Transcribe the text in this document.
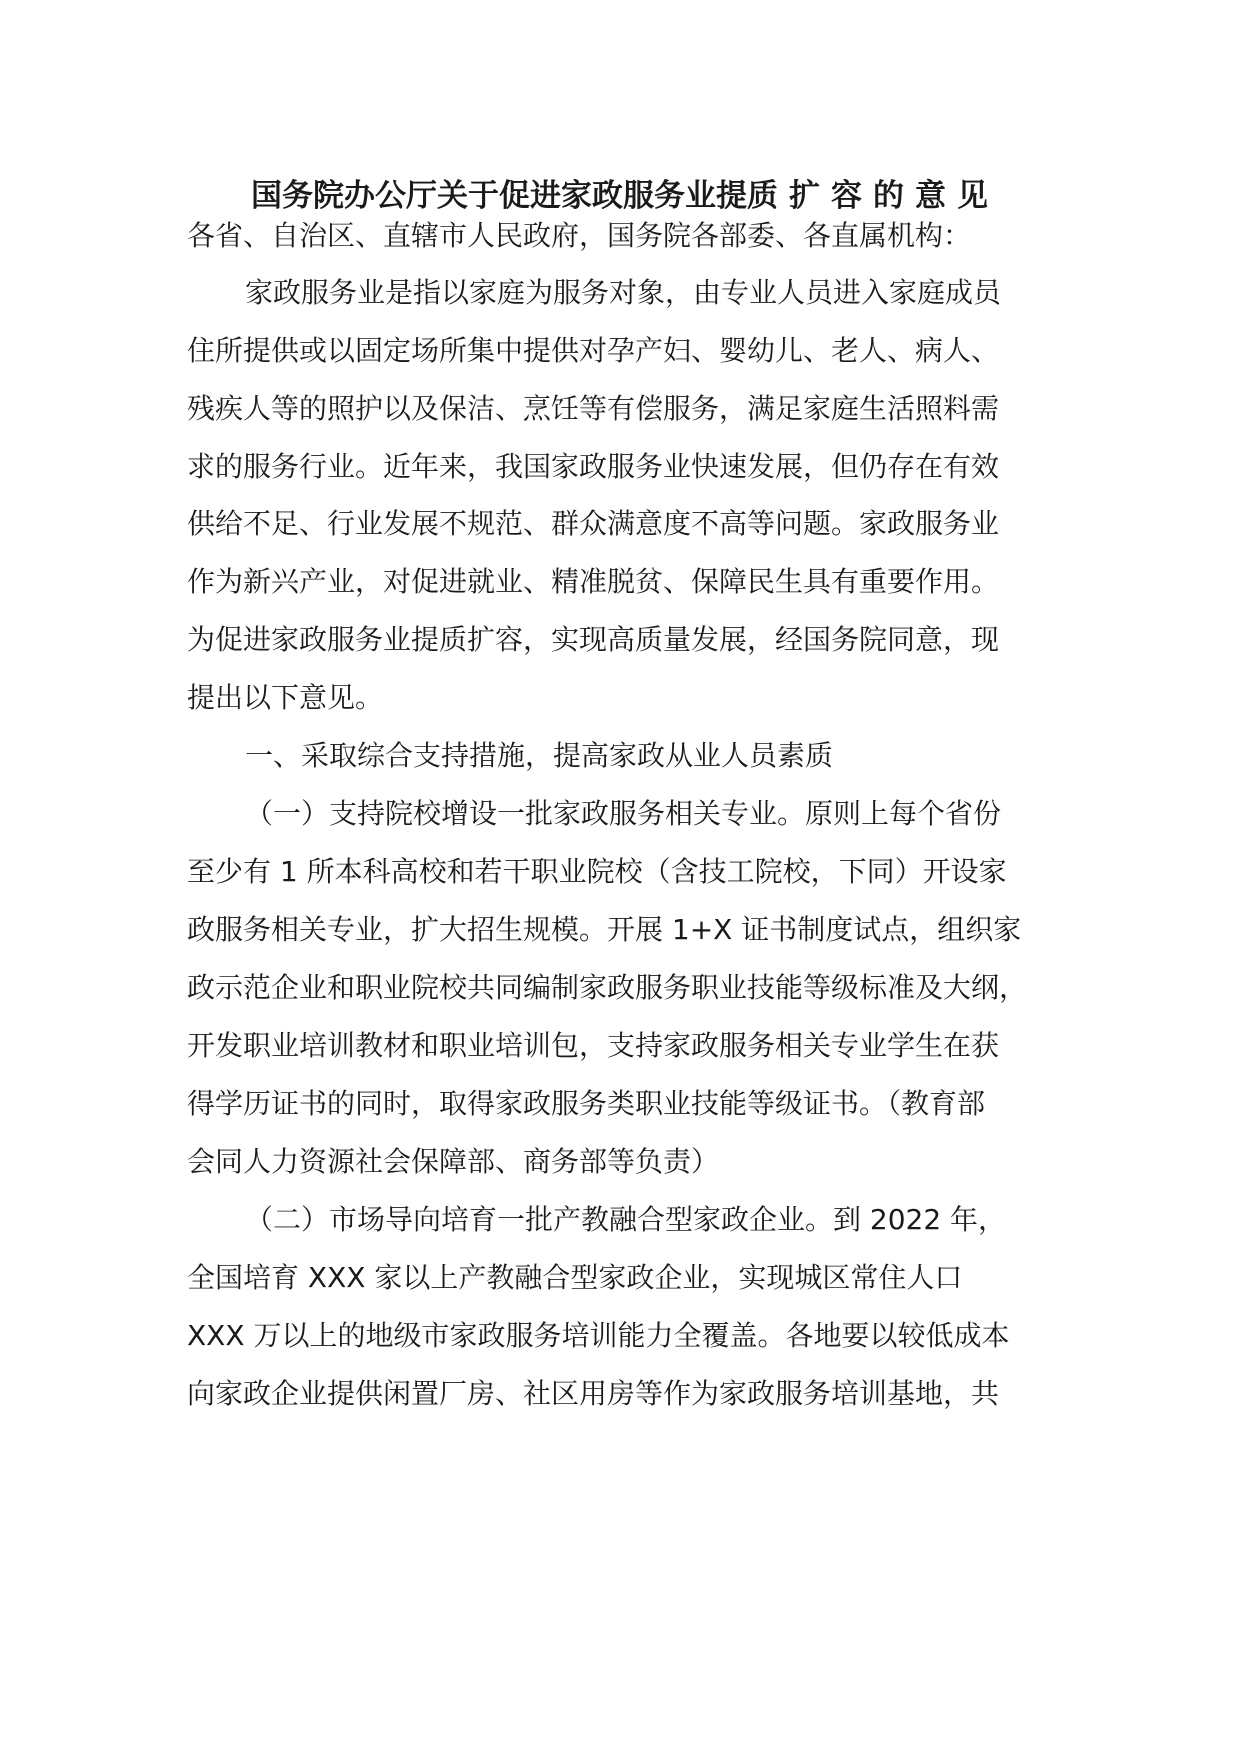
国务院办公厅关于促进家政服务业提质扩容的意见

各省、自治区、直辖市人民政府，国务院各部委、各直属机构：

家政服务业是指以家庭为服务对象，由专业人员进入家庭成员

住所提供或以固定场所集中提供对孕产妇、婴幼儿、老人、病人、

残疾人等的照护以及保洁、烹饪等有偿服务，满足家庭生活照料需

求的服务行业。近年来，我国家政服务业快速发展，但仍存在有效

供给不足、行业发展不规范、群众满意度不高等问题。家政服务业

作为新兴产业，对促进就业、精准脱贫、保障民生具有重要作用。

为促进家政服务业提质扩容，实现高质量发展，经国务院同意，现

提出以下意见。

一、采取综合支持措施，提高家政从业人员素质

（一）支持院校增设一批家政服务相关专业。原则上每个省份

至少有 1 所本科高校和若干职业院校（含技工院校，下同）开设家

政服务相关专业，扩大招生规模。开展 1+X 证书制度试点，组织家

政示范企业和职业院校共同编制家政服务职业技能等级标准及大纲，

开发职业培训教材和职业培训包，支持家政服务相关专业学生在获

得学历证书的同时，取得家政服务类职业技能等级证书。（教育部

会同人力资源社会保障部、商务部等负责）

（二）市场导向培育一批产教融合型家政企业。到 2022 年，

全国培育 XXX 家以上产教融合型家政企业，实现城区常住人口

XXX 万以上的地级市家政服务培训能力全覆盖。各地要以较低成本

向家政企业提供闲置厂房、社区用房等作为家政服务培训基地，共
